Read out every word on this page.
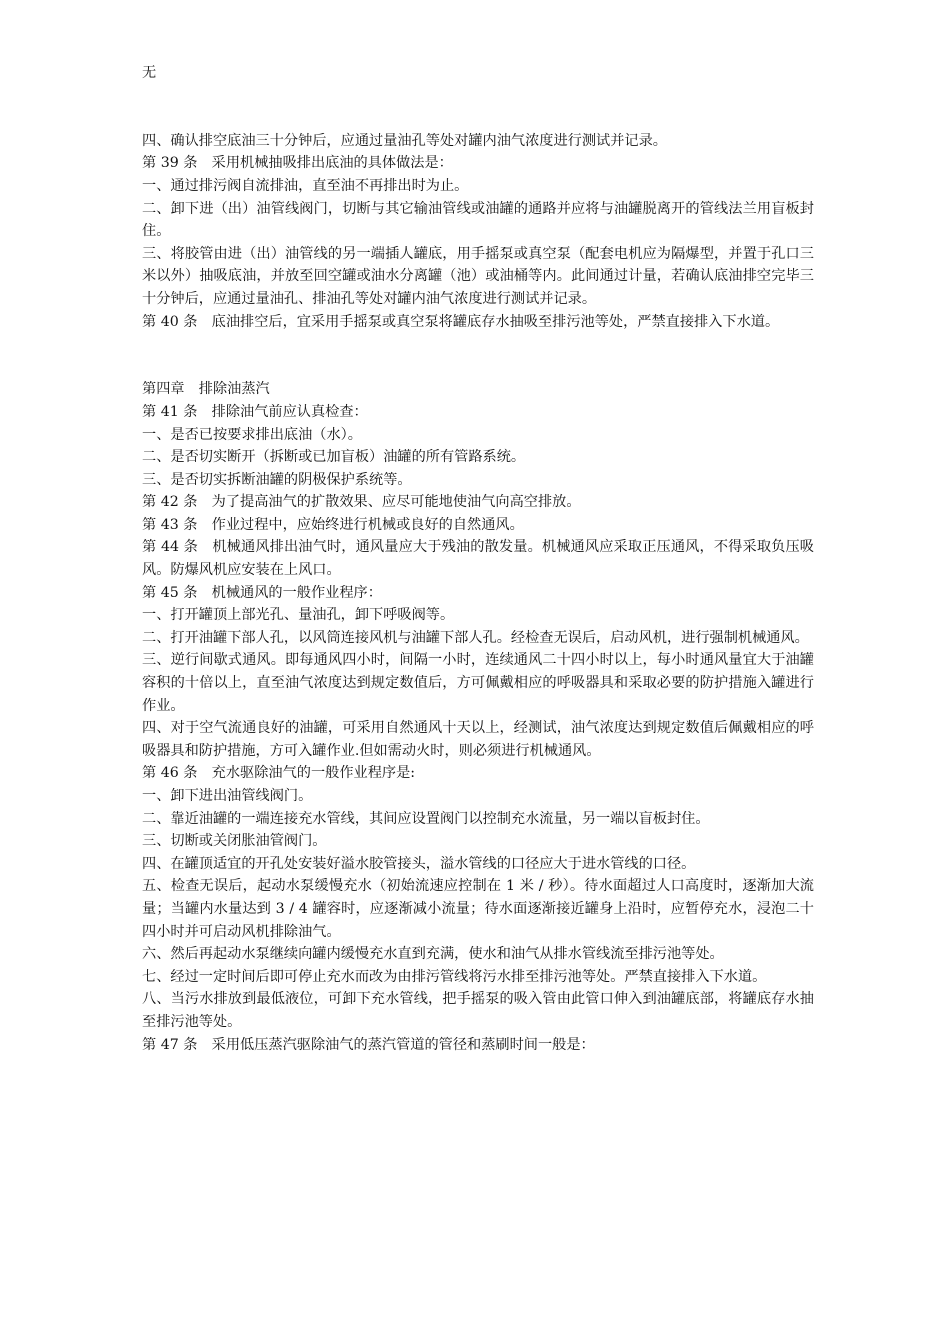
无

四、确认排空底油三十分钟后，应通过量油孔等处对罐内油气浓度进行测试并记录。

第 39 条　采用机械抽吸排出底油的具体做法是：

一、通过排污阀自流排油，直至油不再排出时为止。

二、卸下进（出）油管线阀门，切断与其它输油管线或油罐的通路并应将与油罐脱离开的管线法兰用盲板封住。

三、将胶管由进（出）油管线的另一端插人罐底，用手摇泵或真空泵（配套电机应为隔爆型，并置于孔口三米以外）抽吸底油，并放至回空罐或油水分离罐（池）或油桶等内。此间通过计量，若确认底油排空完毕三十分钟后，应通过量油孔、排油孔等处对罐内油气浓度进行测试并记录。

第 40 条　底油排空后，宜采用手摇泵或真空泵将罐底存水抽吸至排污池等处，严禁直接排入下水道。

第四章　排除油蒸汽

第 41 条　排除油气前应认真检查：

一、是否已按要求排出底油（水）。

二、是否切实断开（拆断或已加盲板）油罐的所有管路系统。

三、是否切实拆断油罐的阴极保护系统等。

第 42 条　为了提高油气的扩散效果、应尽可能地使油气向高空排放。

第 43 条　作业过程中，应始终进行机械或良好的自然通风。

第 44 条　机械通风排出油气时，通风量应大于残油的散发量。机械通风应采取正压通风，不得采取负压吸风。防爆风机应安装在上风口。

第 45 条　机械通风的一般作业程序：

一、打开罐顶上部光孔、量油孔，卸下呼吸阀等。

二、打开油罐下部人孔，以风筒连接风机与油罐下部人孔。经检查无误后，启动风机，进行强制机械通风。

三、逆行间歇式通风。即每通风四小时，间隔一小时，连续通风二十四小时以上，每小时通风量宜大于油罐容积的十倍以上，直至油气浓度达到规定数值后，方可佩戴相应的呼吸器具和采取必要的防护措施入罐进行作业。

四、对于空气流通良好的油罐，可采用自然通风十天以上，经测试，油气浓度达到规定数值后佩戴相应的呼吸器具和防护措施，方可入罐作业.但如需动火时，则必须进行机械通风。

第 46 条　充水驱除油气的一般作业程序是:

一、卸下进出油管线阀门。

二、靠近油罐的一端连接充水管线，其间应设置阀门以控制充水流量，另一端以盲板封住。

三、切断或关闭胀油管阀门。

四、在罐顶适宜的开孔处安装好溢水胶管接头，溢水管线的口径应大于进水管线的口径。

五、检查无误后，起动水泵缓慢充水（初始流速应控制在 1 米 / 秒）。待水面超过人口高度时，逐渐加大流量；当罐内水量达到 3 / 4 罐容时，应逐渐减小流量；待水面逐渐接近罐身上沿时，应暂停充水，浸泡二十四小时并可启动风机排除油气。

六、然后再起动水泵继续向罐内缓慢充水直到充满，使水和油气从排水管线流至排污池等处。

七、经过一定时间后即可停止充水而改为由排污管线将污水排至排污池等处。严禁直接排入下水道。

八、当污水排放到最低液位，可卸下充水管线，把手摇泵的吸入管由此管口伸入到油罐底部，将罐底存水抽至排污池等处。

第 47 条　采用低压蒸汽驱除油气的蒸汽管道的管径和蒸刷时间一般是：
